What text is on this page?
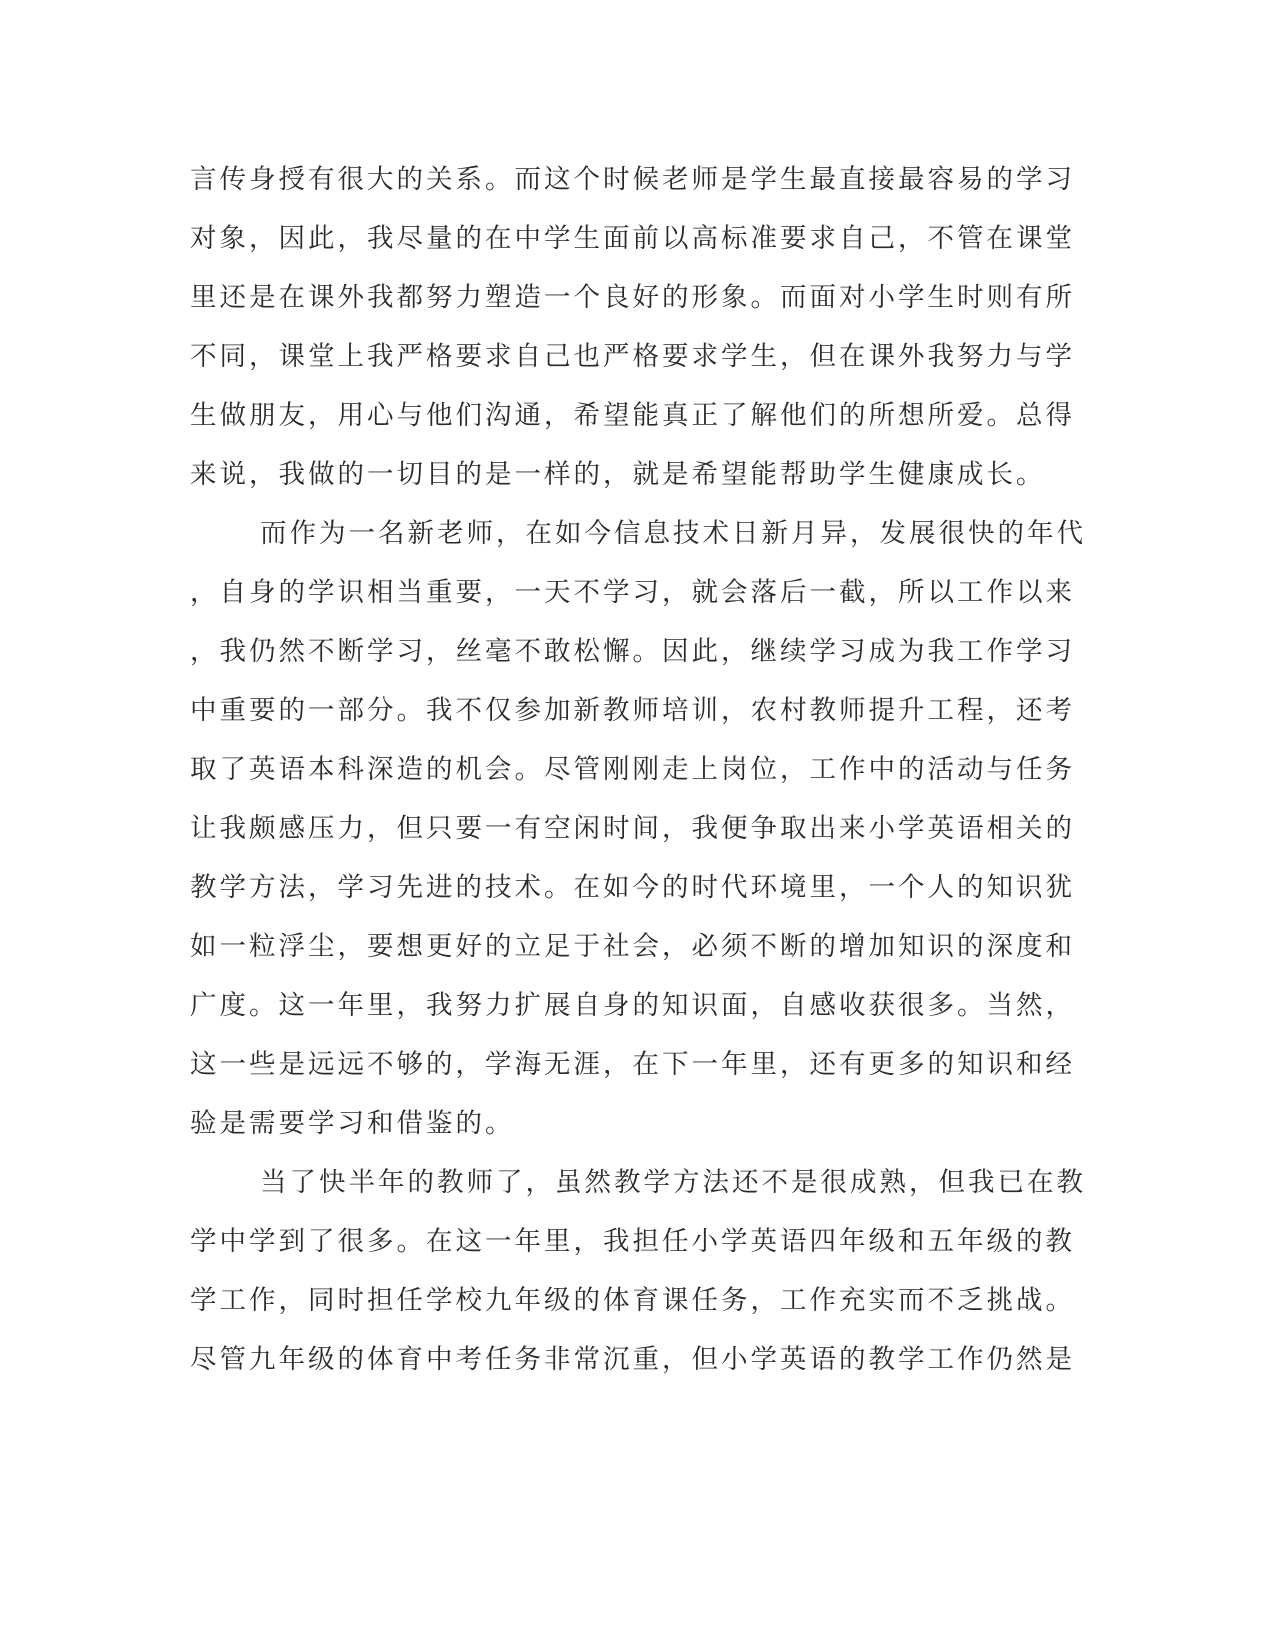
言传身授有很大的关系。而这个时候老师是学生最直接最容易的学习
对象，因此，我尽量的在中学生面前以高标准要求自己，不管在课堂
里还是在课外我都努力塑造一个良好的形象。而面对小学生时则有所
不同，课堂上我严格要求自己也严格要求学生，但在课外我努力与学
生做朋友，用心与他们沟通，希望能真正了解他们的所想所爱。总得
来说，我做的一切目的是一样的，就是希望能帮助学生健康成长。
而作为一名新老师，在如今信息技术日新月异，发展很快的年代
，自身的学识相当重要，一天不学习，就会落后一截，所以工作以来
，我仍然不断学习，丝毫不敢松懈。因此，继续学习成为我工作学习
中重要的一部分。我不仅参加新教师培训，农村教师提升工程，还考
取了英语本科深造的机会。尽管刚刚走上岗位，工作中的活动与任务
让我颇感压力，但只要一有空闲时间，我便争取出来小学英语相关的
教学方法，学习先进的技术。在如今的时代环境里，一个人的知识犹
如一粒浮尘，要想更好的立足于社会，必须不断的增加知识的深度和
广度。这一年里，我努力扩展自身的知识面，自感收获很多。当然，
这一些是远远不够的，学海无涯，在下一年里，还有更多的知识和经
验是需要学习和借鉴的。
当了快半年的教师了，虽然教学方法还不是很成熟，但我已在教
学中学到了很多。在这一年里，我担任小学英语四年级和五年级的教
学工作，同时担任学校九年级的体育课任务，工作充实而不乏挑战。
尽管九年级的体育中考任务非常沉重，但小学英语的教学工作仍然是
